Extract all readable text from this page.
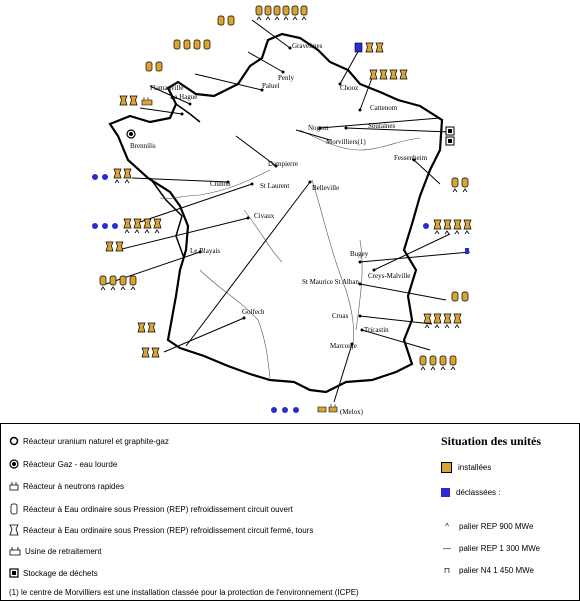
Gravelines
Penly
Paluel	Chooz
Flamanville
La Hague
Cattenom
Soulaines
Nogent
Morvilliers(1)
Brennilis
Fessenheim
Dampierre
Chinon	St Laurent	Belleville
Civaux
Bugey
Creys-Malville
Le Blayais
St Maurice St Alban
Cruas
Tricastin
Golfech
Marcoule
(Melox)
Réacteur uranium naturel et graphite-gaz
Réacteur Gaz - eau lourde
Réacteur à neutrons rapides
Réacteur à Eau ordinaire sous Pression (REP) refroidissement circuit ouvert
Réacteur à Eau ordinaire sous Pression (REP) refroidissement circuit fermé, tours
Usine de retraitement
Stockage de déchets
(1) le centre de Morvilliers est une installation classée pour la protection de l'environnement (ICPE)
Situation des unités
installées
déclassées :
^	palier REP 900 MWe
— palier REP 1 300 MWe
⊓	palier N4 1 450 MWe
